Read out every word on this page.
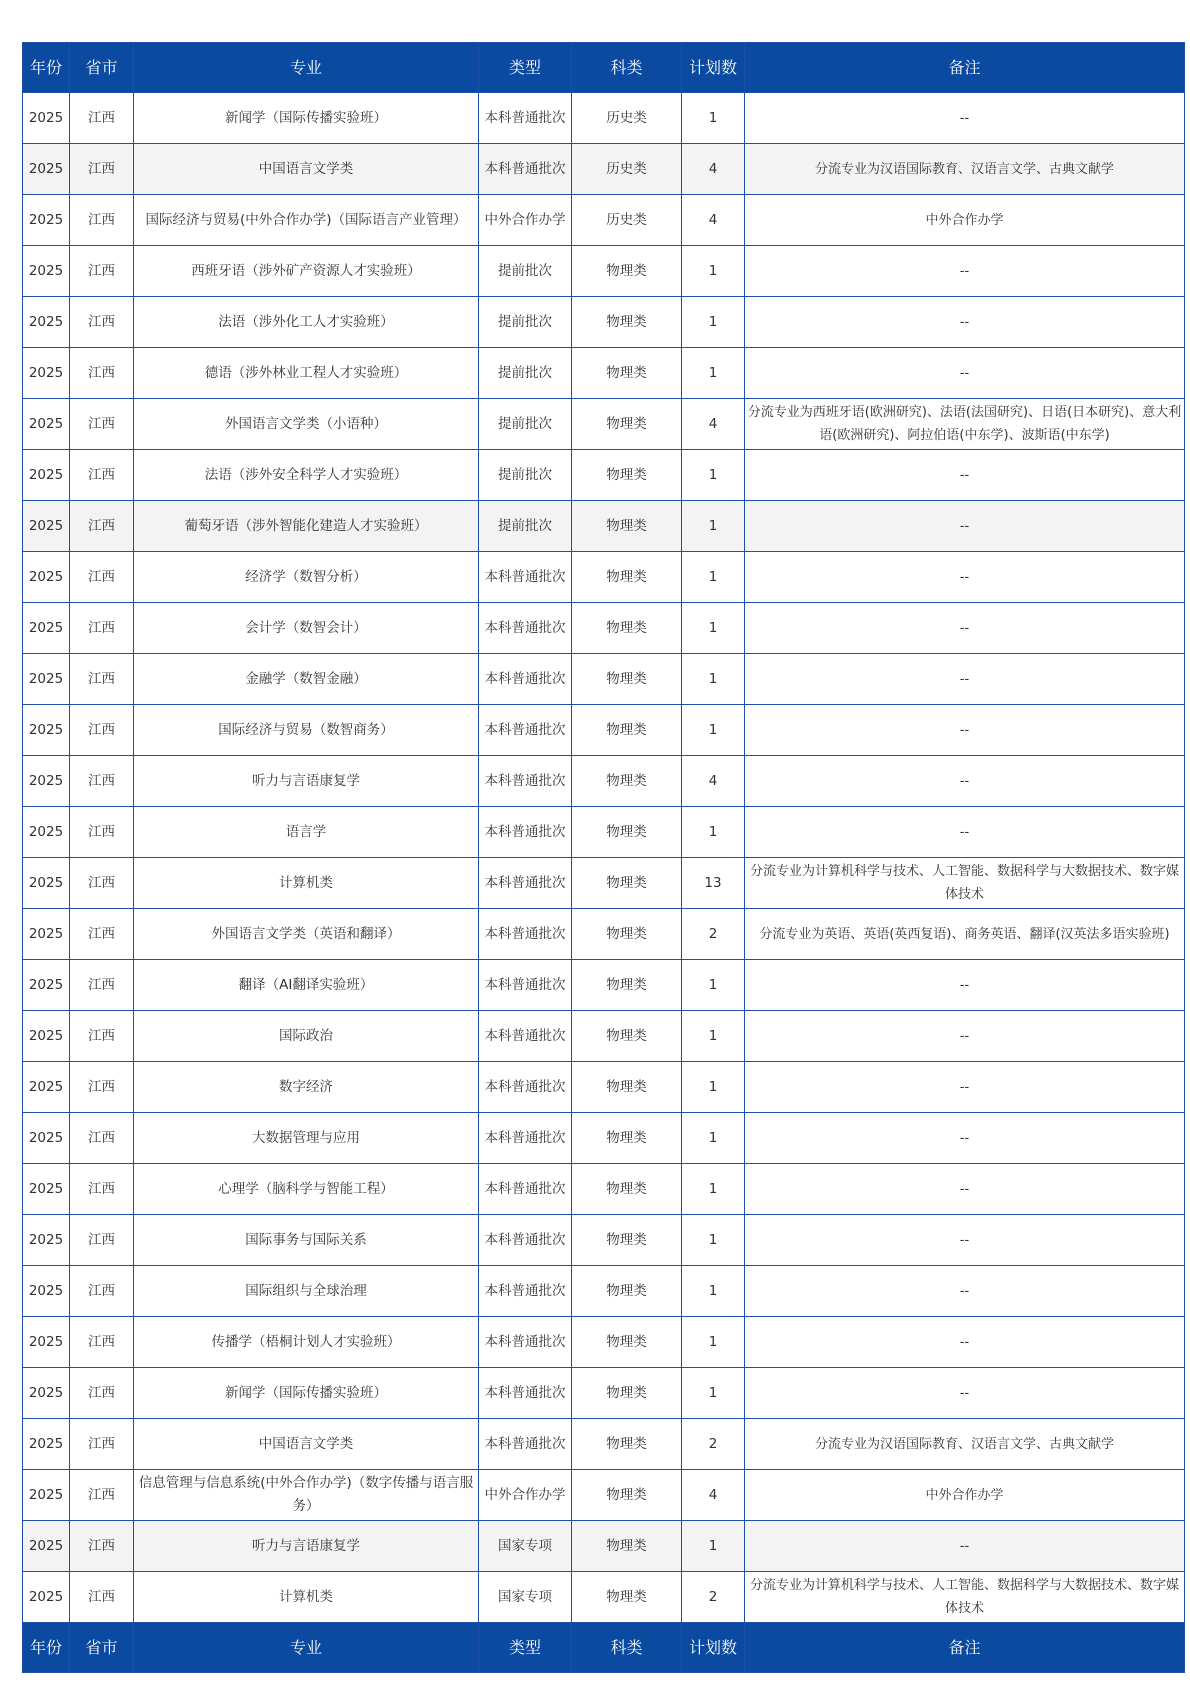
年份	省市	专业	类型	科类	计划数	备注
2025	江西	新闻学（国际传播实验班）	本科普通批次	历史类	1	--
2025	江西	中国语言文学类	本科普通批次	历史类	4	分流专业为汉语国际教育、汉语言文学、古典文献学
2025	江西	国际经济与贸易(中外合作办学)（国际语言产业管理）	中外合作办学	历史类	4	中外合作办学
2025	江西	西班牙语（涉外矿产资源人才实验班）	提前批次	物理类	1	--
2025	江西	法语（涉外化工人才实验班）	提前批次	物理类	1	--
2025	江西	德语（涉外林业工程人才实验班）	提前批次	物理类	1	--
2025	江西	外国语言文学类（小语种）	提前批次	物理类	4	分流专业为西班牙语(欧洲研究)、法语(法国研究)、日语(日本研究)、意大利语(欧洲研究)、阿拉伯语(中东学)、波斯语(中东学)
2025	江西	法语（涉外安全科学人才实验班）	提前批次	物理类	1	--
2025	江西	葡萄牙语（涉外智能化建造人才实验班）	提前批次	物理类	1	--
2025	江西	经济学（数智分析）	本科普通批次	物理类	1	--
2025	江西	会计学（数智会计）	本科普通批次	物理类	1	--
2025	江西	金融学（数智金融）	本科普通批次	物理类	1	--
2025	江西	国际经济与贸易（数智商务）	本科普通批次	物理类	1	--
2025	江西	听力与言语康复学	本科普通批次	物理类	4	--
2025	江西	语言学	本科普通批次	物理类	1	--
2025	江西	计算机类	本科普通批次	物理类	13	分流专业为计算机科学与技术、人工智能、数据科学与大数据技术、数字媒体技术
2025	江西	外国语言文学类（英语和翻译）	本科普通批次	物理类	2	分流专业为英语、英语(英西复语)、商务英语、翻译(汉英法多语实验班)
2025	江西	翻译（AI翻译实验班）	本科普通批次	物理类	1	--
2025	江西	国际政治	本科普通批次	物理类	1	--
2025	江西	数字经济	本科普通批次	物理类	1	--
2025	江西	大数据管理与应用	本科普通批次	物理类	1	--
2025	江西	心理学（脑科学与智能工程）	本科普通批次	物理类	1	--
2025	江西	国际事务与国际关系	本科普通批次	物理类	1	--
2025	江西	国际组织与全球治理	本科普通批次	物理类	1	--
2025	江西	传播学（梧桐计划人才实验班）	本科普通批次	物理类	1	--
2025	江西	新闻学（国际传播实验班）	本科普通批次	物理类	1	--
2025	江西	中国语言文学类	本科普通批次	物理类	2	分流专业为汉语国际教育、汉语言文学、古典文献学
2025	江西	信息管理与信息系统(中外合作办学)（数字传播与语言服务）	中外合作办学	物理类	4	中外合作办学
2025	江西	听力与言语康复学	国家专项	物理类	1	--
2025	江西	计算机类	国家专项	物理类	2	分流专业为计算机科学与技术、人工智能、数据科学与大数据技术、数字媒体技术
年份	省市	专业	类型	科类	计划数	备注
